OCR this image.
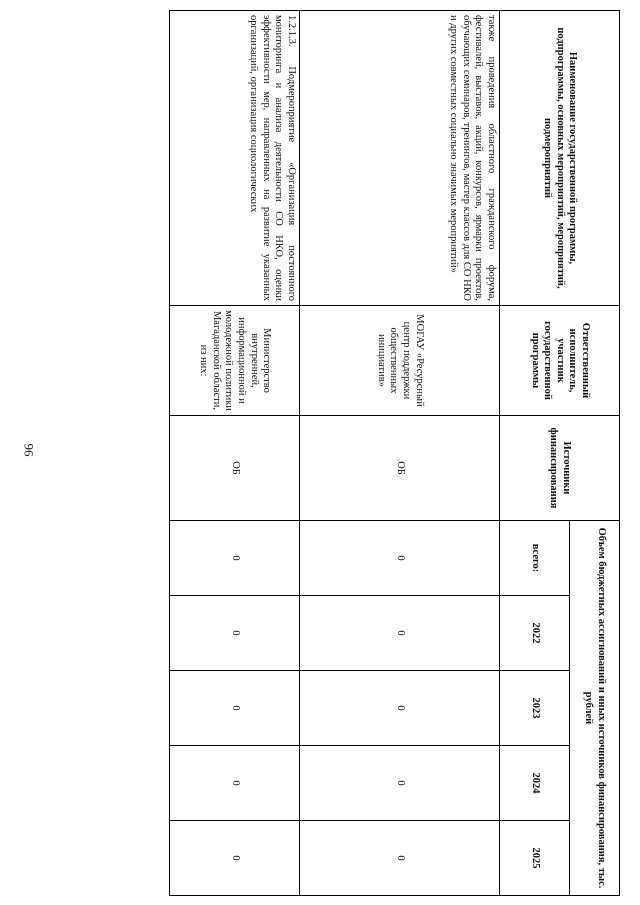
96
Наименование государственной программы, подпрограммы, основных мероприятий, мероприятий, подмероприятий	Ответственный исполнитель, участник государственной программы	Источники финансирования	Объем бюджетных ассигнований и иных источников финансирования, тыс. рублей				
			всего:	2022	2023	2024	2025
также проведения областного гражданского форума, фестивалей, выставок, акций, конкурсов, ярмарки проектов, обучающих семинаров, тренингов, мастер классов для СО НКО и других совместных социально значимых мероприятий»	МОГАУ «Ресурсный центр поддержки общественных инициатив»	ОБ	0	0	0	0	0
1.2.1.3. Подмероприятие «Организация постоянного мониторинга и анализа деятельности СО НКО, оценки эффективности мер, направленных на развитие указанных организаций, организация социологических	Министерство внутренней, информационной и молодежной политики Магаданской области, из них:	ОБ	0	0	0	0	0
